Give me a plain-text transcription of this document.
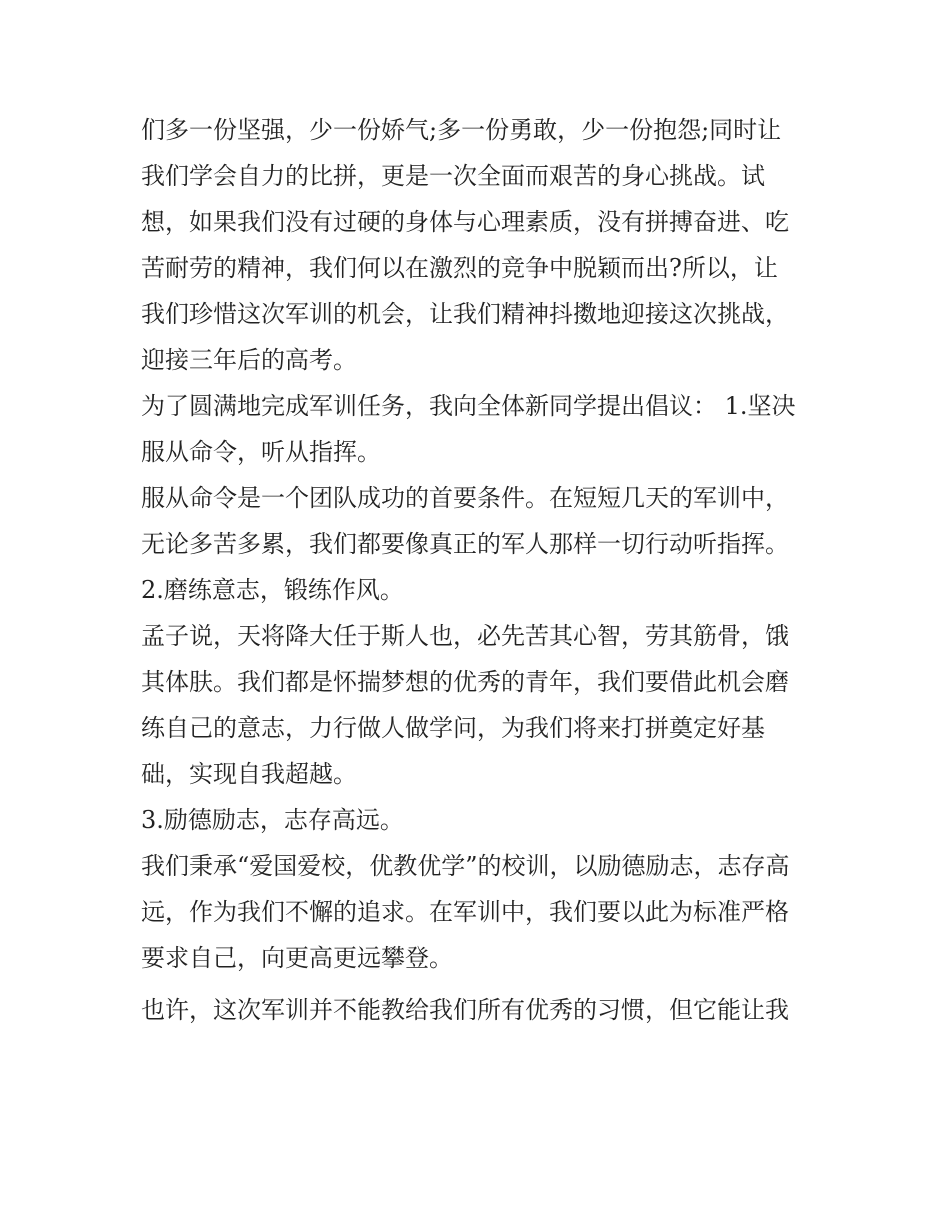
们多一份坚强，少一份娇气;多一份勇敢，少一份抱怨;同时让
我们学会自力的比拼，更是一次全面而艰苦的身心挑战。试
想，如果我们没有过硬的身体与心理素质，没有拼搏奋进、吃
苦耐劳的精神，我们何以在激烈的竞争中脱颖而出?所以，让
我们珍惜这次军训的机会，让我们精神抖擞地迎接这次挑战，
迎接三年后的高考。
为了圆满地完成军训任务，我向全体新同学提出倡议： 1.坚决
服从命令，听从指挥。
服从命令是一个团队成功的首要条件。在短短几天的军训中，
无论多苦多累，我们都要像真正的军人那样一切行动听指挥。
2.磨练意志，锻练作风。
孟子说，天将降大任于斯人也，必先苦其心智，劳其筋骨，饿
其体肤。我们都是怀揣梦想的优秀的青年，我们要借此机会磨
练自己的意志，力行做人做学问，为我们将来打拼奠定好基
础，实现自我超越。
3.励德励志，志存高远。
我们秉承“爱国爱校，优教优学”的校训，以励德励志，志存高
远，作为我们不懈的追求。在军训中，我们要以此为标准严格
要求自己，向更高更远攀登。
也许，这次军训并不能教给我们所有优秀的习惯，但它能让我
